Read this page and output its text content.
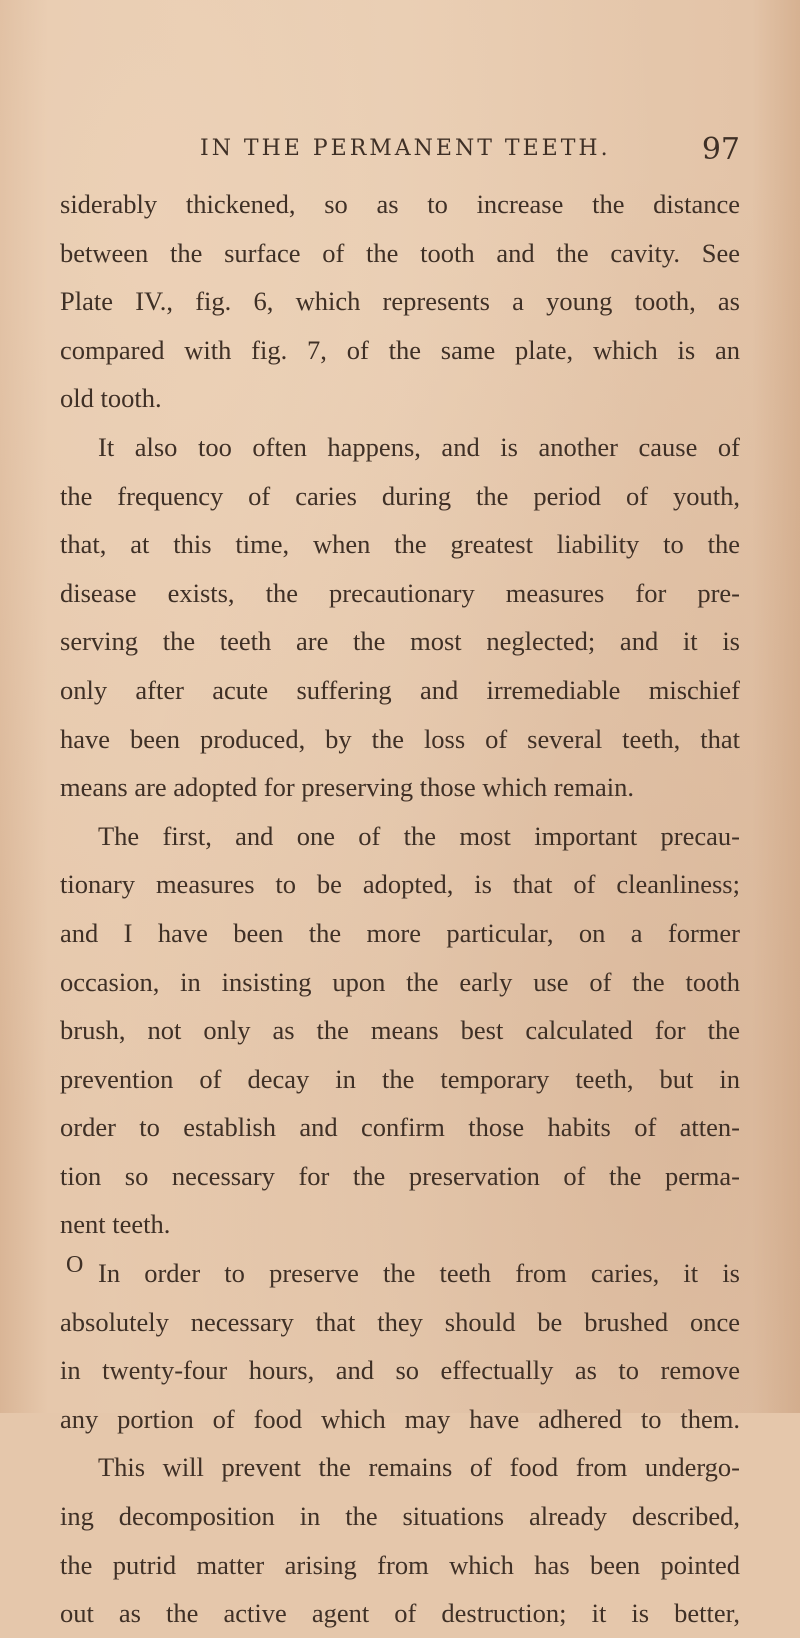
IN THE PERMANENT TEETH.	97
siderably thickened, so as to increase the distance
between the surface of the tooth and the cavity. See
Plate IV., fig. 6, which represents a young tooth, as
compared with fig. 7, of the same plate, which is an
old tooth.
It also too often happens, and is another cause of
the frequency of caries during the period of youth,
that, at this time, when the greatest liability to the
disease exists, the precautionary measures for pre-
serving the teeth are the most neglected; and it is
only after acute suffering and irremediable mischief
have been produced, by the loss of several teeth, that
means are adopted for preserving those which remain.
The first, and one of the most important precau-
tionary measures to be adopted, is that of cleanliness;
and I have been the more particular, on a former
occasion, in insisting upon the early use of the tooth
brush, not only as the means best calculated for the
prevention of decay in the temporary teeth, but in
order to establish and confirm those habits of atten-
tion so necessary for the preservation of the perma-
nent teeth.
In order to preserve the teeth from caries, it is
absolutely necessary that they should be brushed once
in twenty-four hours, and so effectually as to remove
any portion of food which may have adhered to them.
This will prevent the remains of food from undergo-
ing decomposition in the situations already described,
the putrid matter arising from which has been pointed
out as the active agent of destruction; it is better,
O
